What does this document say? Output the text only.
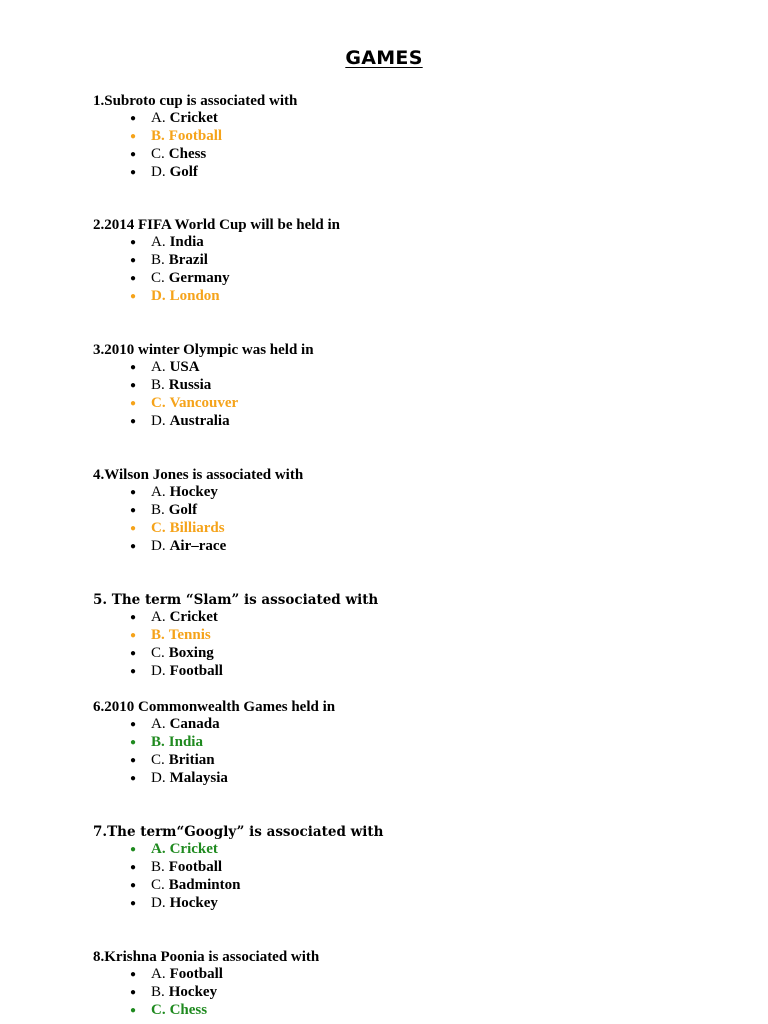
GAMES
1.Subroto cup is associated with
● A. Cricket
● B. Football
● C. Chess
● D. Golf
2.2014 FIFA World Cup will be held in
● A. India
● B. Brazil
● C. Germany
● D. London
3.2010 winter Olympic was held in
● A. USA
● B. Russia
● C. Vancouver
● D. Australia
4.Wilson Jones is associated with
● A. Hockey
● B. Golf
● C. Billiards
● D. Air–race
5. The term “Slam” is associated with
● A. Cricket
● B. Tennis
● C. Boxing
● D. Football
6.2010 Commonwealth Games held in
● A. Canada
● B. India
● C. Britian
● D. Malaysia
7.The term“Googly” is associated with
● A. Cricket
● B. Football
● C. Badminton
● D. Hockey
8.Krishna Poonia is associated with
● A. Football
● B. Hockey
● C. Chess
